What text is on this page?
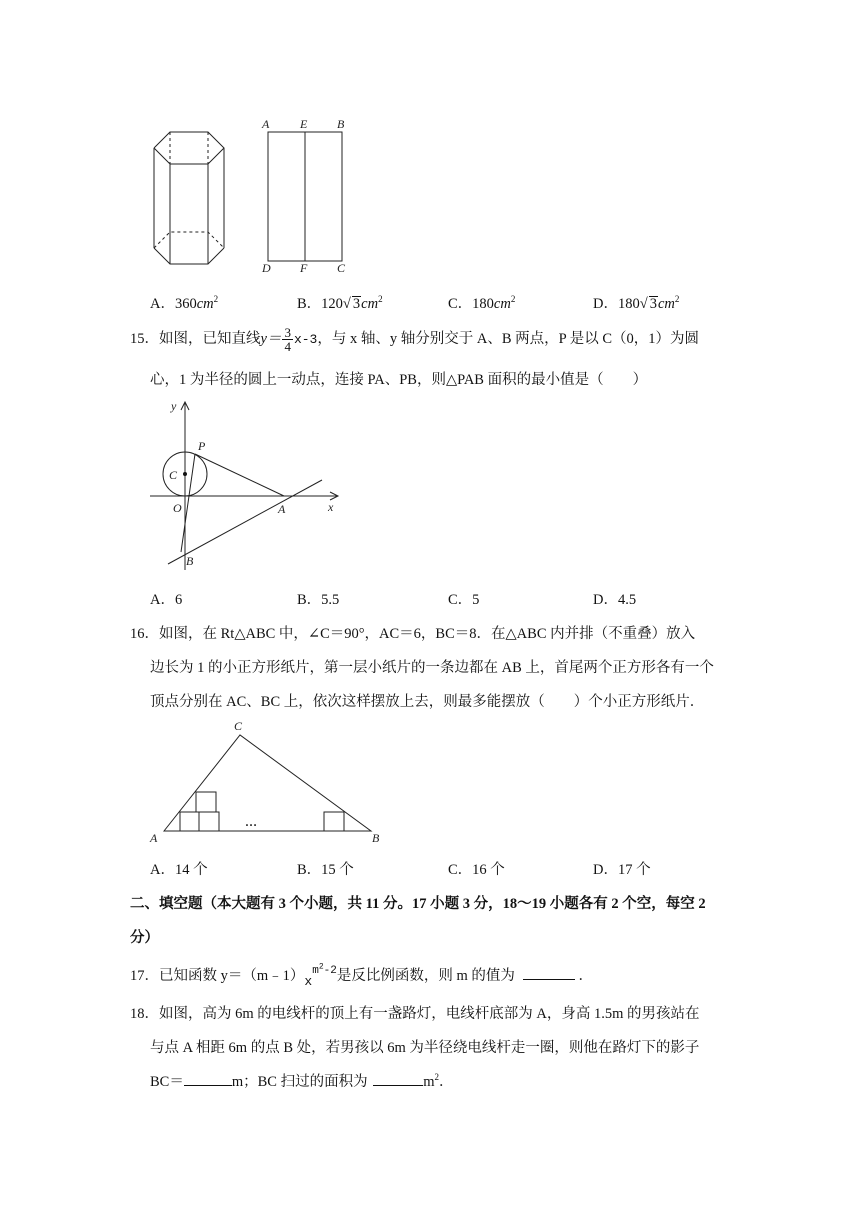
A	E B
D F C
A．$360cm^2$	B．120√ $3cm^2$	C．$180cm^2$	D．180√ $3cm^2$
15．如图，已知直线$y= \frac{3}{4} x-3$，与 x 轴、y 轴分别交于 A、B 两点，P 是以 C（0，1）为圆
心，1 为半径的圆上一动点，连接 PA、PB，则△PAB 面积的最小值是（　　）
y
P
C
O	A	x
B
A．6	B．5.5	C．5	D．4.5
16．如图，在 Rt△ABC 中，∠C＝90°，AC＝6，BC＝8．在△ABC 内并排（不重叠）放入
边长为 1 的小正方形纸片，第一层小纸片的一条边都在 AB 上，首尾两个正方形各有一个
顶点分别在 AC、BC 上，依次这样摆放上去，则最多能摆放（　　）个小正方形纸片．
C
A	B
…
A．14 个	B．15 个	C．16 个	D．17 个
二、填空题（本大题有 3 个小题，共 11 分。17 小题 3 分，18～19 小题各有 2 个空，每空 2
分）
17．已知函数 $y=(m﹣1)x^{m^2-2}$是反比例函数，则 m 的值为	．
18．如图，高为 6m 的电线杆的顶上有一盏路灯，电线杆底部为 A，身高 1.5m 的男孩站在
与点 A 相距 6m 的点 B 处，若男孩以 6m 为半径绕电线杆走一圈，则他在路灯下的影子
BC＝	m；BC 扫过的面积为	$m^2$．
